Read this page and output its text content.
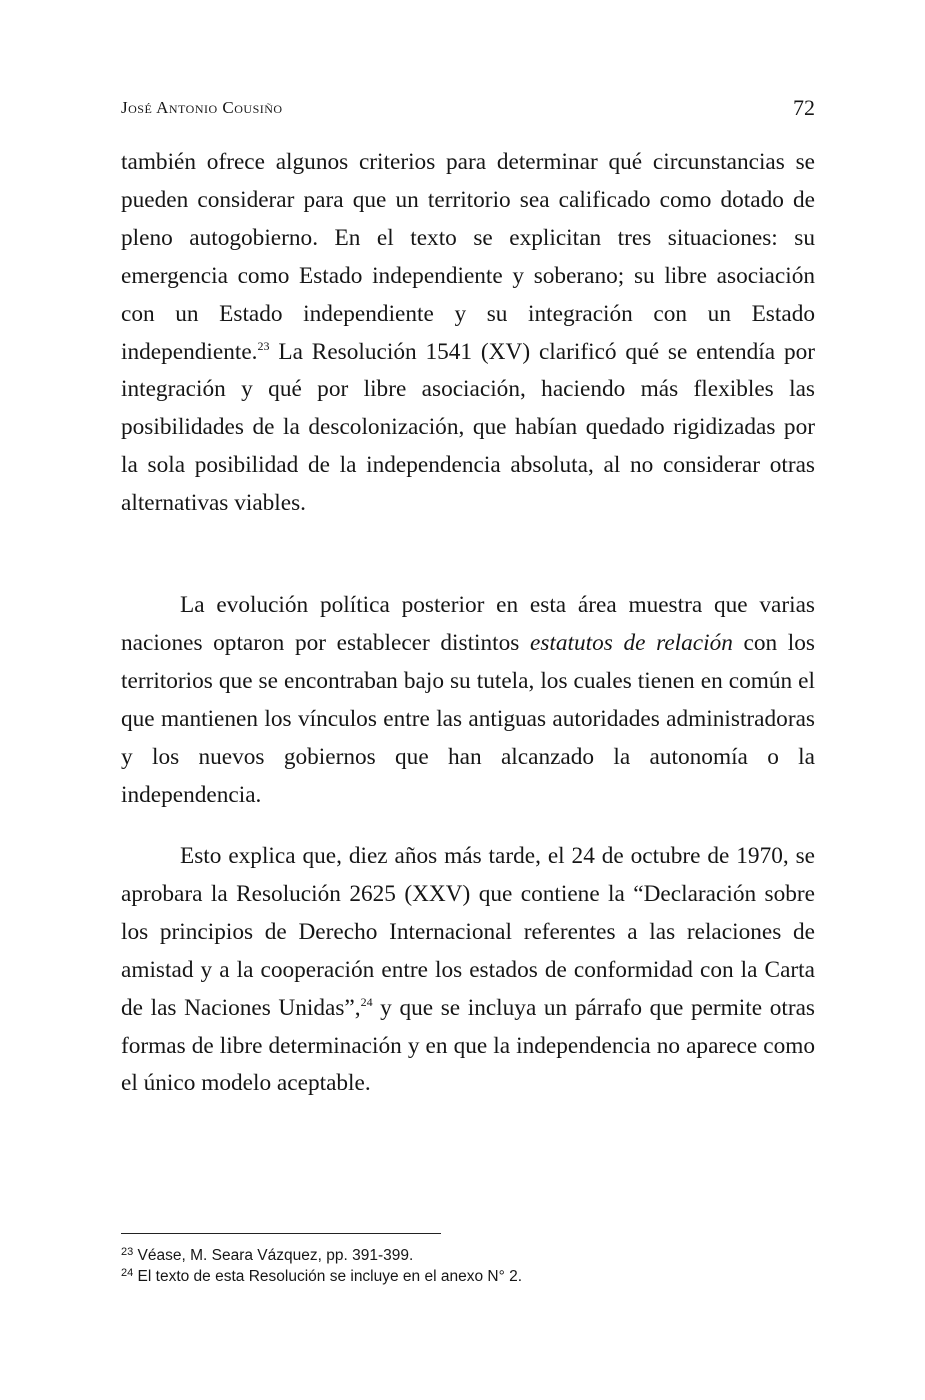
José Antonio Cousiño	72
también ofrece algunos criterios para determinar qué circunstancias se pueden considerar para que un territorio sea calificado como dotado de pleno autogobierno. En el texto se explicitan tres situaciones: su emergencia como Estado independiente y soberano; su libre asociación con un Estado independiente y su integración con un Estado independiente.$^{23}$ La Resolución 1541 (XV) clarificó qué se entendía por integración y qué por libre asociación, haciendo más flexibles las posibilidades de la descolonización, que habían quedado rigidizadas por la sola posibilidad de la independencia absoluta, al no considerar otras alternativas viables.
La evolución política posterior en esta área muestra que varias naciones optaron por establecer distintos estatutos de relación con los territorios que se encontraban bajo su tutela, los cuales tienen en común el que mantienen los vínculos entre las antiguas autoridades administradoras y los nuevos gobiernos que han alcanzado la autonomía o la independencia.
Esto explica que, diez años más tarde, el 24 de octubre de 1970, se aprobara la Resolución 2625 (XXV) que contiene la “Declaración sobre los principios de Derecho Internacional referentes a las relaciones de amistad y a la cooperación entre los estados de conformidad con la Carta de las Naciones Unidas”,$^{24}$ y que se incluya un párrafo que permite otras formas de libre determinación y en que la independencia no aparece como el único modelo aceptable.
$^{23}$ Véase, M. Seara Vázquez, pp. 391-399.
$^{24}$ El texto de esta Resolución se incluye en el anexo N° 2.
